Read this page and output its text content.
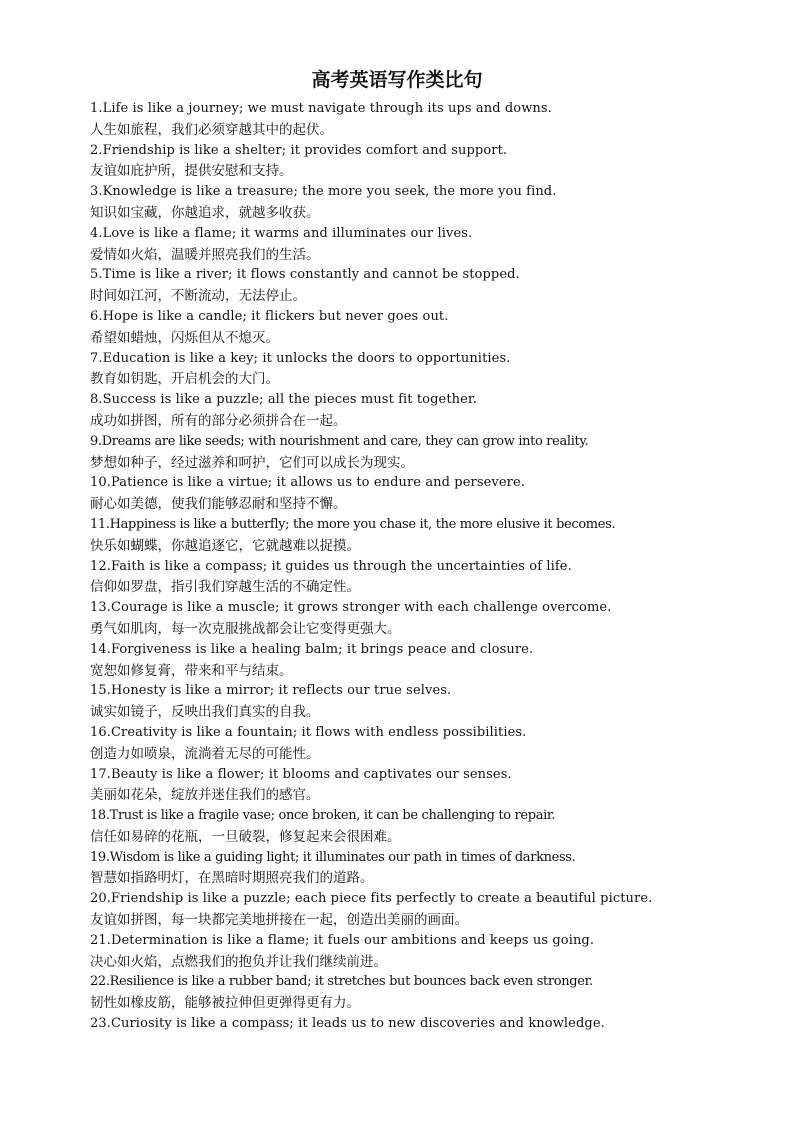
高考英语写作类比句
1.Life is like a journey; we must navigate through its ups and downs.
人生如旅程，我们必须穿越其中的起伏。
2.Friendship is like a shelter; it provides comfort and support.
友谊如庇护所，提供安慰和支持。
3.Knowledge is like a treasure; the more you seek, the more you find.
知识如宝藏，你越追求，就越多收获。
4.Love is like a flame; it warms and illuminates our lives.
爱情如火焰，温暖并照亮我们的生活。
5.Time is like a river; it flows constantly and cannot be stopped.
时间如江河，不断流动，无法停止。
6.Hope is like a candle; it flickers but never goes out.
希望如蜡烛，闪烁但从不熄灭。
7.Education is like a key; it unlocks the doors to opportunities.
教育如钥匙，开启机会的大门。
8.Success is like a puzzle; all the pieces must fit together.
成功如拼图，所有的部分必须拼合在一起。
9.Dreams are like seeds; with nourishment and care, they can grow into reality.
梦想如种子，经过滋养和呵护，它们可以成长为现实。
10.Patience is like a virtue; it allows us to endure and persevere.
耐心如美德，使我们能够忍耐和坚持不懈。
11.Happiness is like a butterfly; the more you chase it, the more elusive it becomes.
快乐如蝴蝶，你越追逐它，它就越难以捉摸。
12.Faith is like a compass; it guides us through the uncertainties of life.
信仰如罗盘，指引我们穿越生活的不确定性。
13.Courage is like a muscle; it grows stronger with each challenge overcome.
勇气如肌肉，每一次克服挑战都会让它变得更强大。
14.Forgiveness is like a healing balm; it brings peace and closure.
宽恕如修复膏，带来和平与结束。
15.Honesty is like a mirror; it reflects our true selves.
诚实如镜子，反映出我们真实的自我。
16.Creativity is like a fountain; it flows with endless possibilities.
创造力如喷泉，流淌着无尽的可能性。
17.Beauty is like a flower; it blooms and captivates our senses.
美丽如花朵，绽放并迷住我们的感官。
18.Trust is like a fragile vase; once broken, it can be challenging to repair.
信任如易碎的花瓶，一旦破裂，修复起来会很困难。
19.Wisdom is like a guiding light; it illuminates our path in times of darkness.
智慧如指路明灯，在黑暗时期照亮我们的道路。
20.Friendship is like a puzzle; each piece fits perfectly to create a beautiful picture.
友谊如拼图，每一块都完美地拼接在一起，创造出美丽的画面。
21.Determination is like a flame; it fuels our ambitions and keeps us going.
决心如火焰，点燃我们的抱负并让我们继续前进。
22.Resilience is like a rubber band; it stretches but bounces back even stronger.
韧性如橡皮筋，能够被拉伸但更弹得更有力。
23.Curiosity is like a compass; it leads us to new discoveries and knowledge.
